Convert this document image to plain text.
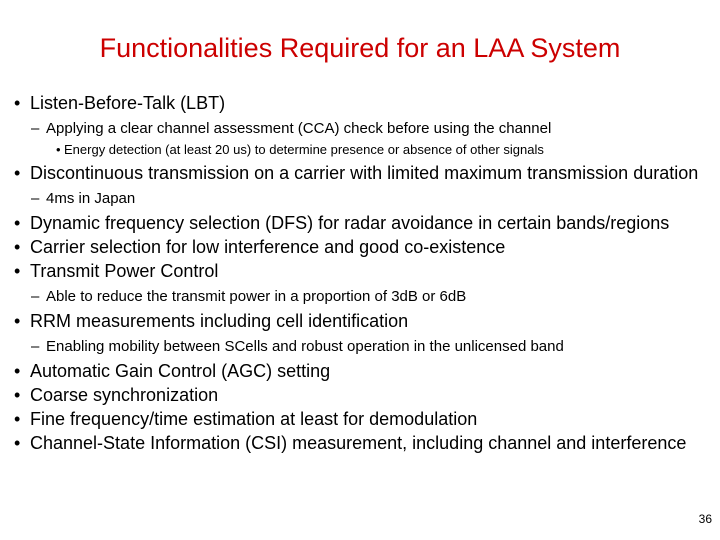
Functionalities Required for an LAA System
• Listen-Before-Talk (LBT)
– Applying a clear channel assessment (CCA) check before using the channel
• Energy detection (at least 20 us) to determine presence or absence of other signals
• Discontinuous transmission on a carrier with limited maximum transmission duration
– 4ms in Japan
• Dynamic frequency selection (DFS) for radar avoidance in certain bands/regions
• Carrier selection for low interference and good co-existence
• Transmit Power Control
– Able to reduce the transmit power in a proportion of 3dB or 6dB
• RRM measurements including cell identification
– Enabling mobility between SCells and robust operation in the unlicensed band
• Automatic Gain Control (AGC) setting
• Coarse synchronization
• Fine frequency/time estimation at least for demodulation
• Channel-State Information (CSI) measurement, including channel and interference
36
